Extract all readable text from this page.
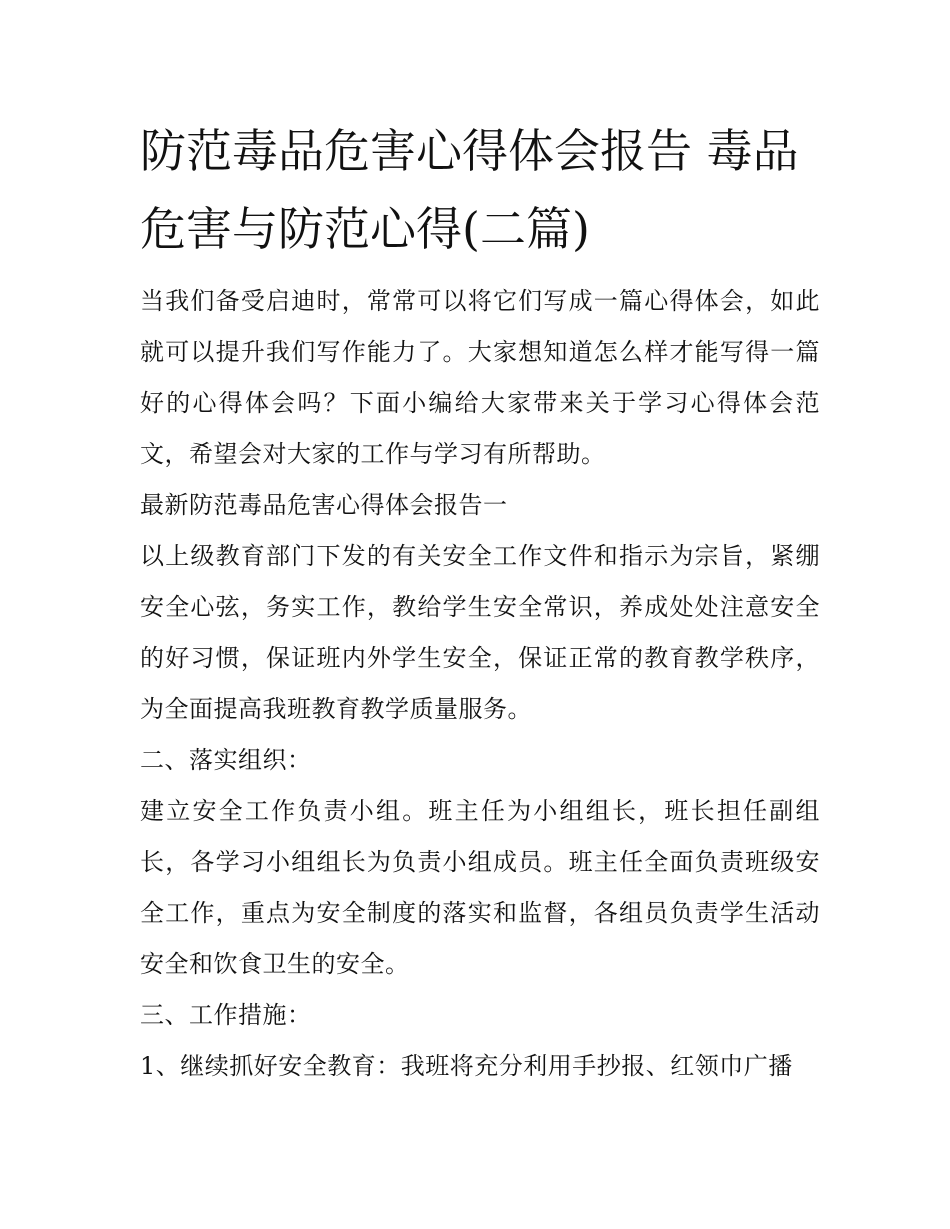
防范毒品危害心得体会报告 毒品危害与防范心得(二篇)

当我们备受启迪时，常常可以将它们写成一篇心得体会，如此就可以提升我们写作能力了。大家想知道怎么样才能写得一篇好的心得体会吗？下面小编给大家带来关于学习心得体会范文，希望会对大家的工作与学习有所帮助。

最新防范毒品危害心得体会报告一

以上级教育部门下发的有关安全工作文件和指示为宗旨，紧绷安全心弦，务实工作，教给学生安全常识，养成处处注意安全的好习惯，保证班内外学生安全，保证正常的教育教学秩序，为全面提高我班教育教学质量服务。

二、落实组织：

建立安全工作负责小组。班主任为小组组长，班长担任副组长，各学习小组组长为负责小组成员。班主任全面负责班级安全工作，重点为安全制度的落实和监督，各组员负责学生活动安全和饮食卫生的安全。

三、工作措施：

1、继续抓好安全教育：我班将充分利用手抄报、红领巾广播
